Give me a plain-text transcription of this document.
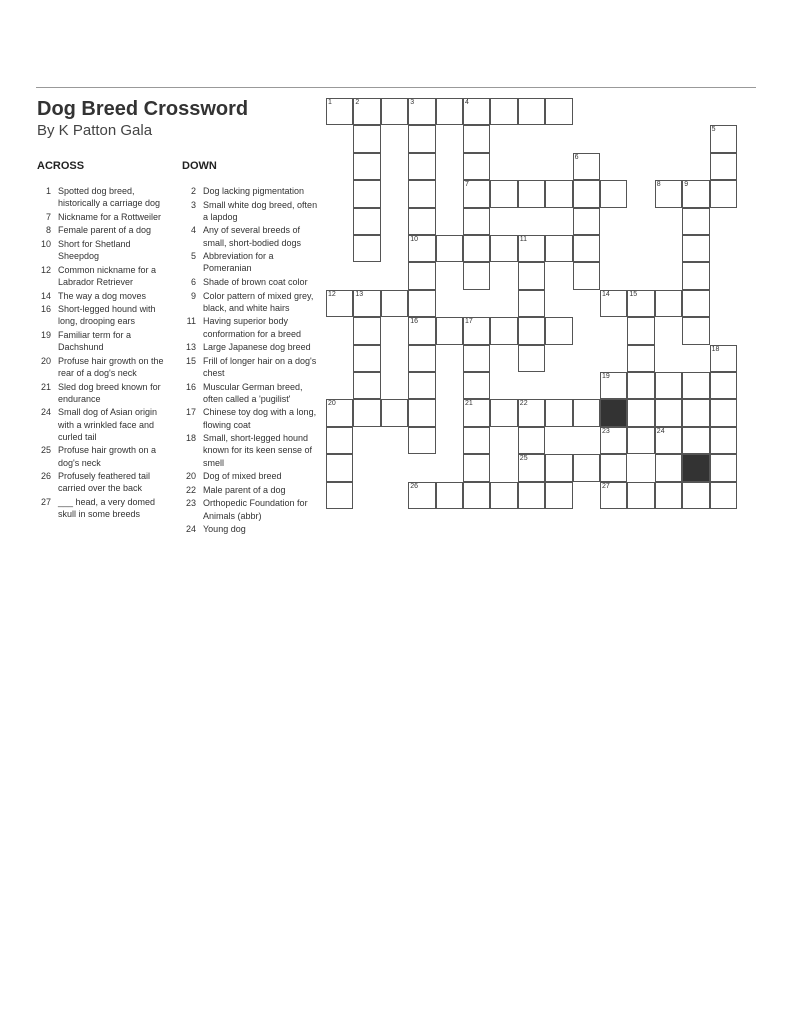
Dog Breed Crossword
By K Patton Gala
ACROSS	DOWN
1 Spotted dog breed, historically a carriage dog
7 Nickname for a Rottweiler
8 Female parent of a dog
10 Short for Shetland Sheepdog
12 Common nickname for a Labrador Retriever
14 The way a dog moves
16 Short-legged hound with long, drooping ears
19 Familiar term for a Dachshund
20 Profuse hair growth on the rear of a dog's neck
21 Sled dog breed known for endurance
24 Small dog of Asian origin with a wrinkled face and curled tail
25 Profuse hair growth on a dog's neck
26 Profusely feathered tail carried over the back
27 ___ head, a very domed skull in some breeds
2 Dog lacking pigmentation
3 Small white dog breed, often a lapdog
4 Any of several breeds of small, short-bodied dogs
5 Abbreviation for a Pomeranian
6 Shade of brown coat color
9 Color pattern of mixed grey, black, and white hairs
11 Having superior body conformation for a breed
13 Large Japanese dog breed
15 Frill of longer hair on a dog's chest
16 Muscular German breed, often called a 'pugilist'
17 Chinese toy dog with a long, flowing coat
18 Small, short-legged hound known for its keen sense of smell
20 Dog of mixed breed
22 Male parent of a dog
23 Orthopedic Foundation for Animals (abbr)
24 Young dog
1	2	3	4
5
6
7	8	9
10	11
12	13	14	15
16	17
18
19
20	21	22
23	24
25
26	27
